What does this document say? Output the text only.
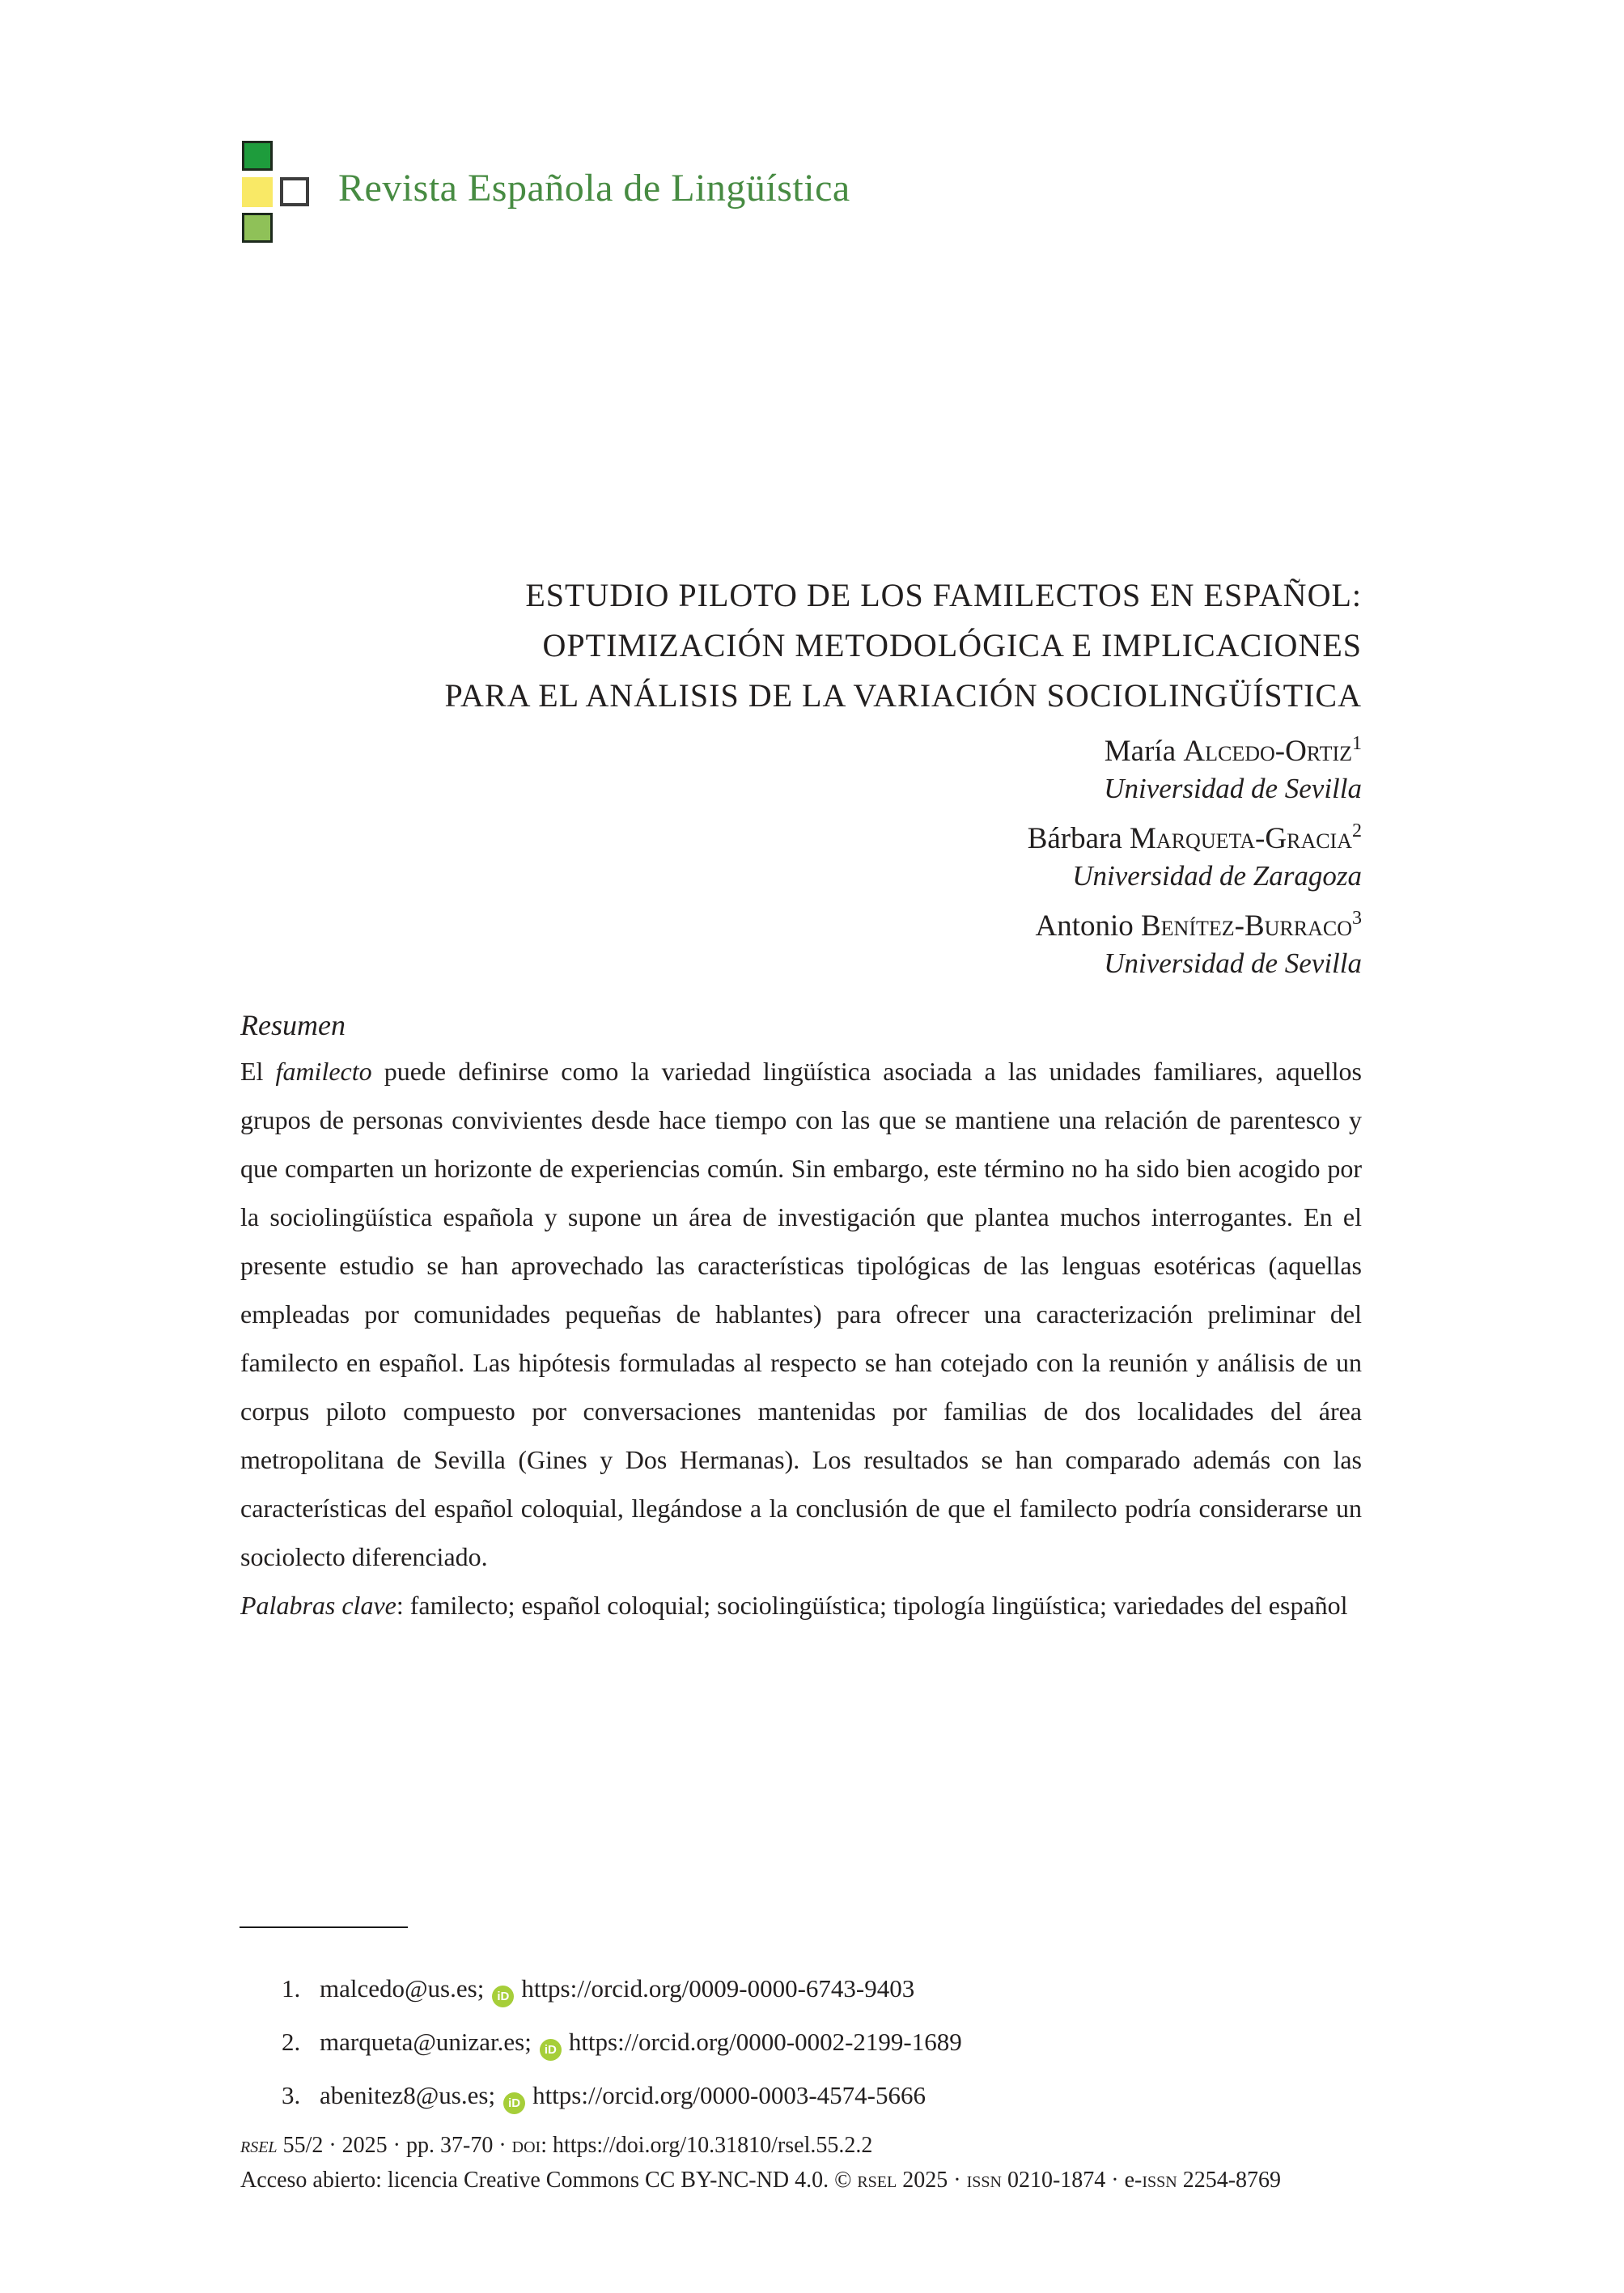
Revista Española de Lingüística
ESTUDIO PILOTO DE LOS FAMILECTOS EN ESPAÑOL:
OPTIMIZACIÓN METODOLÓGICA E IMPLICACIONES
PARA EL ANÁLISIS DE LA VARIACIÓN SOCIOLINGÜÍSTICA
María Alcedo-Ortiz$^1$
Universidad de Sevilla
Bárbara Marqueta-Gracia$^2$
Universidad de Zaragoza
Antonio Benítez-Burraco$^3$
Universidad de Sevilla

Resumen

El familecto puede definirse como la variedad lingüística asociada a las unidades familiares, aquellos grupos de personas convivientes desde hace tiempo con las que se mantiene una relación de parentesco y que comparten un horizonte de experiencias común. Sin embargo, este término no ha sido bien acogido por la sociolingüística española y supone un área de investigación que plantea muchos interrogantes. En el presente estudio se han aprovechado las características tipológicas de las lenguas esotéricas (aquellas empleadas por comunidades pequeñas de hablantes) para ofrecer una caracterización preliminar del familecto en español. Las hipótesis formuladas al respecto se han cotejado con la reunión y análisis de un corpus piloto compuesto por conversaciones mantenidas por familias de dos localidades del área metropolitana de Sevilla (Gines y Dos Hermanas). Los resultados se han comparado además con las características del español coloquial, llegándose a la conclusión de que el familecto podría considerarse un sociolecto diferenciado.

Palabras clave: familecto; español coloquial; sociolingüística; tipología lingüística; variedades del español

1. malcedo@us.es; iD https://orcid.org/0009-0000-6743-9403
2. marqueta@unizar.es; iD https://orcid.org/0000-0002-2199-1689
3. abenitez8@us.es; iD https://orcid.org/0000-0003-4574-5666

rsel 55/2 · 2025 · pp. 37-70 · doi: https://doi.org/10.31810/rsel.55.2.2

Acceso abierto: licencia Creative Commons CC BY-NC-ND 4.0. © rsel 2025 · issn 0210-1874 · e-issn 2254-8769
